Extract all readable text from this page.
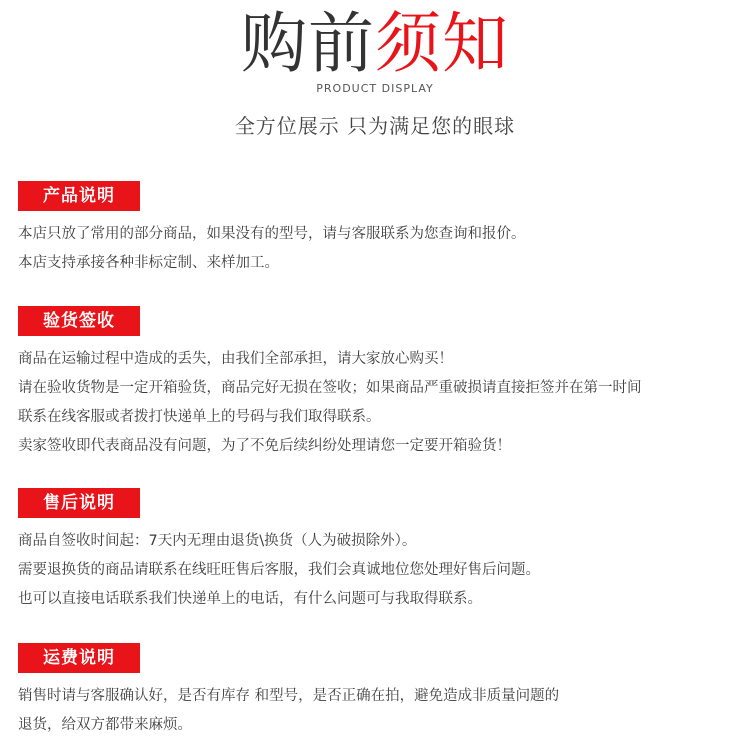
购前须知
PRODUCT DISPLAY
全方位展示 只为满足您的眼球
产品说明
本店只放了常用的部分商品，如果没有的型号，请与客服联系为您查询和报价。
本店支持承接各种非标定制、来样加工。
验货签收
商品在运输过程中造成的丢失，由我们全部承担，请大家放心购买！
请在验收货物是一定开箱验货，商品完好无损在签收；如果商品严重破损请直接拒签并在第一时间
联系在线客服或者拨打快递单上的号码与我们取得联系。
卖家签收即代表商品没有问题，为了不免后续纠纷处理请您一定要开箱验货！
售后说明
商品自签收时间起：7天内无理由退货\换货（人为破损除外）。
需要退换货的商品请联系在线旺旺售后客服，我们会真诚地位您处理好售后问题。
也可以直接电话联系我们快递单上的电话，有什么问题可与我取得联系。
运费说明
销售时请与客服确认好，是否有库存 和型号，是否正确在拍，避免造成非质量问题的
退货，给双方都带来麻烦。
